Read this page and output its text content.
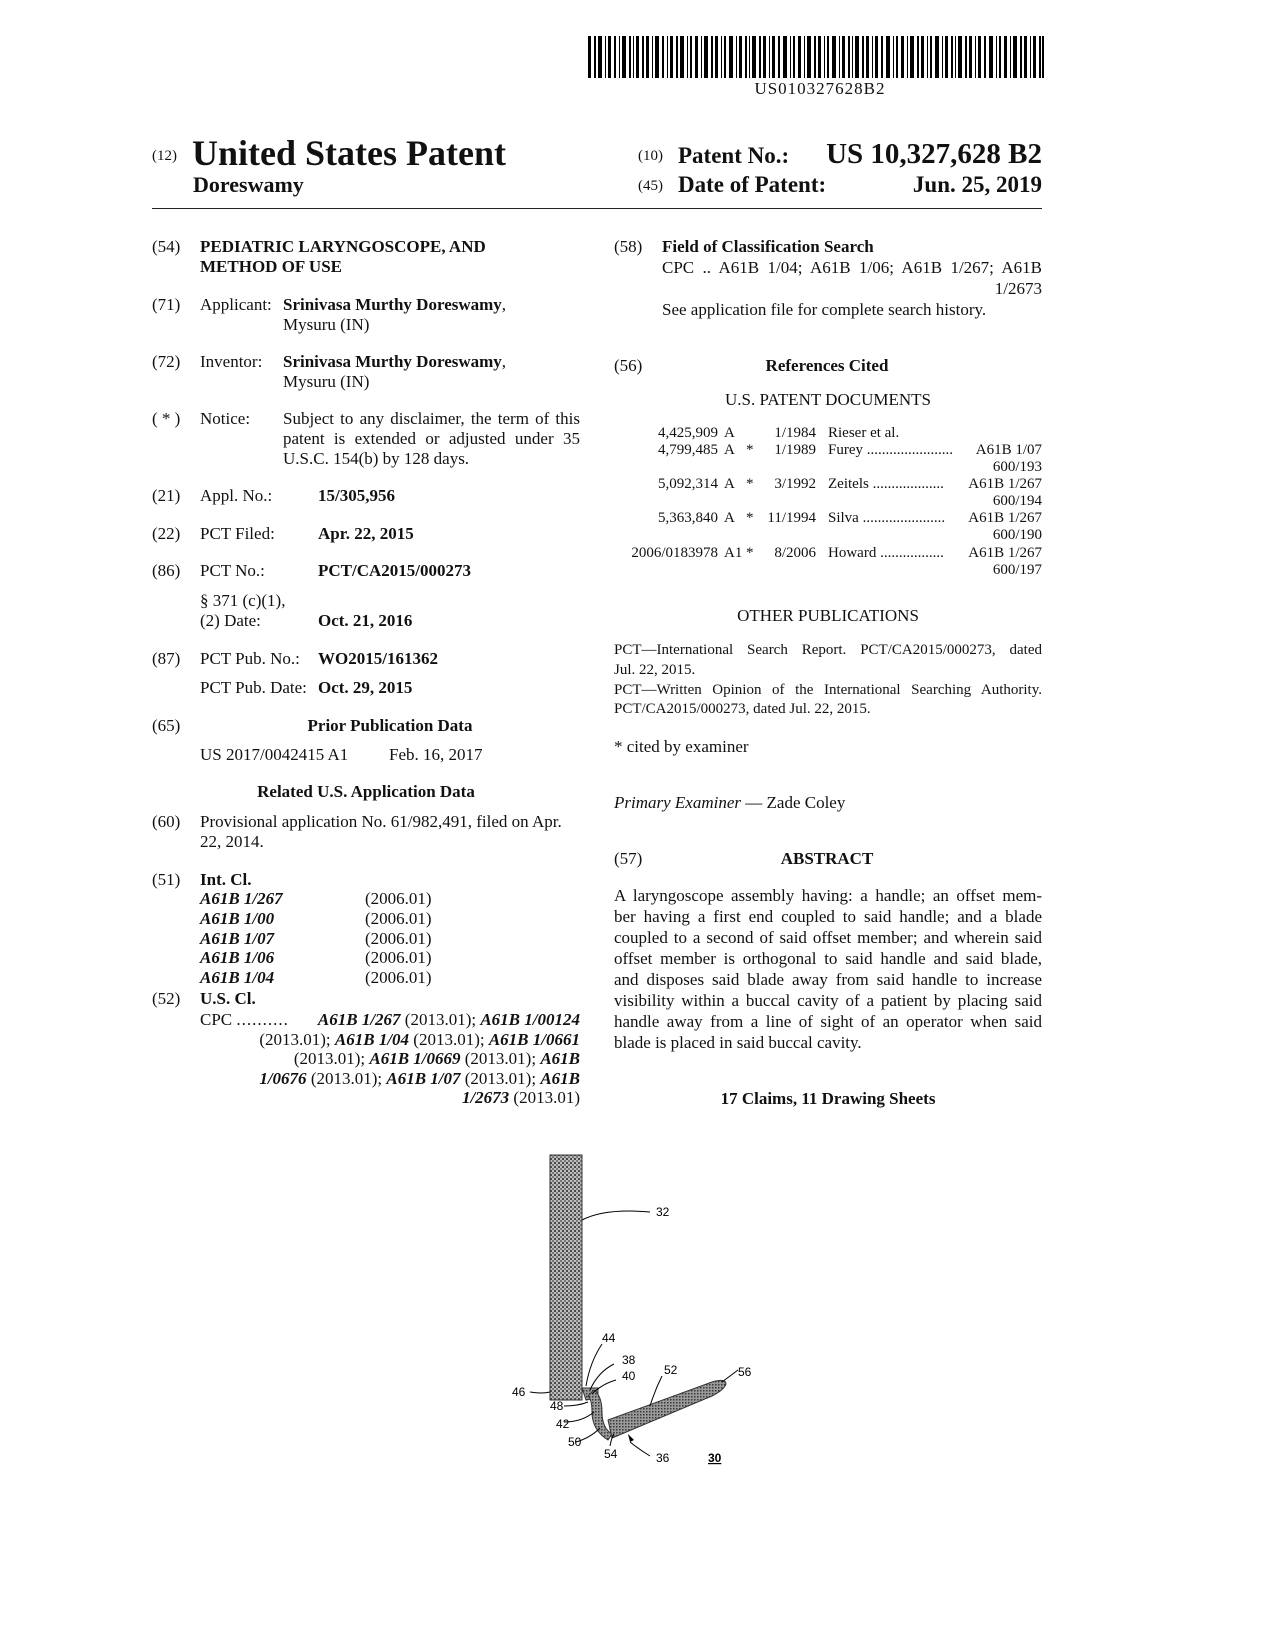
US010327628B2
(12) United States Patent
Doreswamy
(10) Patent No.:	US 10,327,628 B2
(45) Date of Patent:	Jun. 25, 2019
(54) PEDIATRIC LARYNGOSCOPE, AND
METHOD OF USE
(71) Applicant: Srinivasa Murthy Doreswamy,
Mysuru (IN)
(72) Inventor: Srinivasa Murthy Doreswamy,
Mysuru (IN)
( * ) Notice: Subject to any disclaimer, the term of this
patent is extended or adjusted under 35
U.S.C. 154(b) by 128 days.
(21) Appl. No.:	15/305,956
(22) PCT Filed:	Apr. 22, 2015
(86) PCT No.:	PCT/CA2015/000273
§ 371 (c)(1),
(2) Date:	Oct. 21, 2016
(87) PCT Pub. No.: WO2015/161362
PCT Pub. Date: Oct. 29, 2015
(65)	Prior Publication Data
US 2017/0042415 A1 Feb. 16, 2017
Related U.S. Application Data
(60) Provisional application No. 61/982,491, filed on Apr.
22, 2014.
(51) Int. Cl.
A61B 1/267	(2006.01)
A61B 1/00	(2006.01)
A61B 1/07	(2006.01)
A61B 1/06	(2006.01)
A61B 1/04	(2006.01)
(52) U.S. Cl.
CPC ..........	A61B 1/267 (2013.01); A61B 1/00124
(2013.01); A61B 1/04 (2013.01); A61B 1/0661
(2013.01); A61B 1/0669 (2013.01); A61B
1/0676 (2013.01); A61B 1/07 (2013.01); A61B
1/2673 (2013.01)
(58) Field of Classification Search
CPC .. A61B 1/04; A61B 1/06; A61B 1/267; A61B
1/2673
See application file for complete search history.
(56)	References Cited
U.S. PATENT DOCUMENTS
4,425,909 A	1/1984 Rieser et al.
4,799,485 A *	1/1989 Furey .......................	A61B 1/07
600/193
5,092,314 A *	3/1992 Zeitels ...................	A61B 1/267
600/194
5,363,840 A * 11/1994 Silva ......................	A61B 1/267
600/190
2006/0183978 A1 *	8/2006 Howard .................	A61B 1/267
600/197
OTHER PUBLICATIONS
PCT—International Search Report. PCT/CA2015/000273, dated
Jul. 22, 2015.
PCT—Written Opinion of the International Searching Authority.
PCT/CA2015/000273, dated Jul. 22, 2015.
* cited by examiner
Primary Examiner — Zade Coley
(57)	ABSTRACT
A laryngoscope assembly having: a handle; an offset mem-
ber having a first end coupled to said handle; and a blade
coupled to a second of said offset member; and wherein said
offset member is orthogonal to said handle and said blade,
and disposes said blade away from said handle to increase
visibility within a buccal cavity of a patient by placing said
handle away from a line of sight of an operator when said
blade is placed in said buccal cavity.
17 Claims, 11 Drawing Sheets
32
44
38
40 52	56
46
48
42
50
54	36	30
